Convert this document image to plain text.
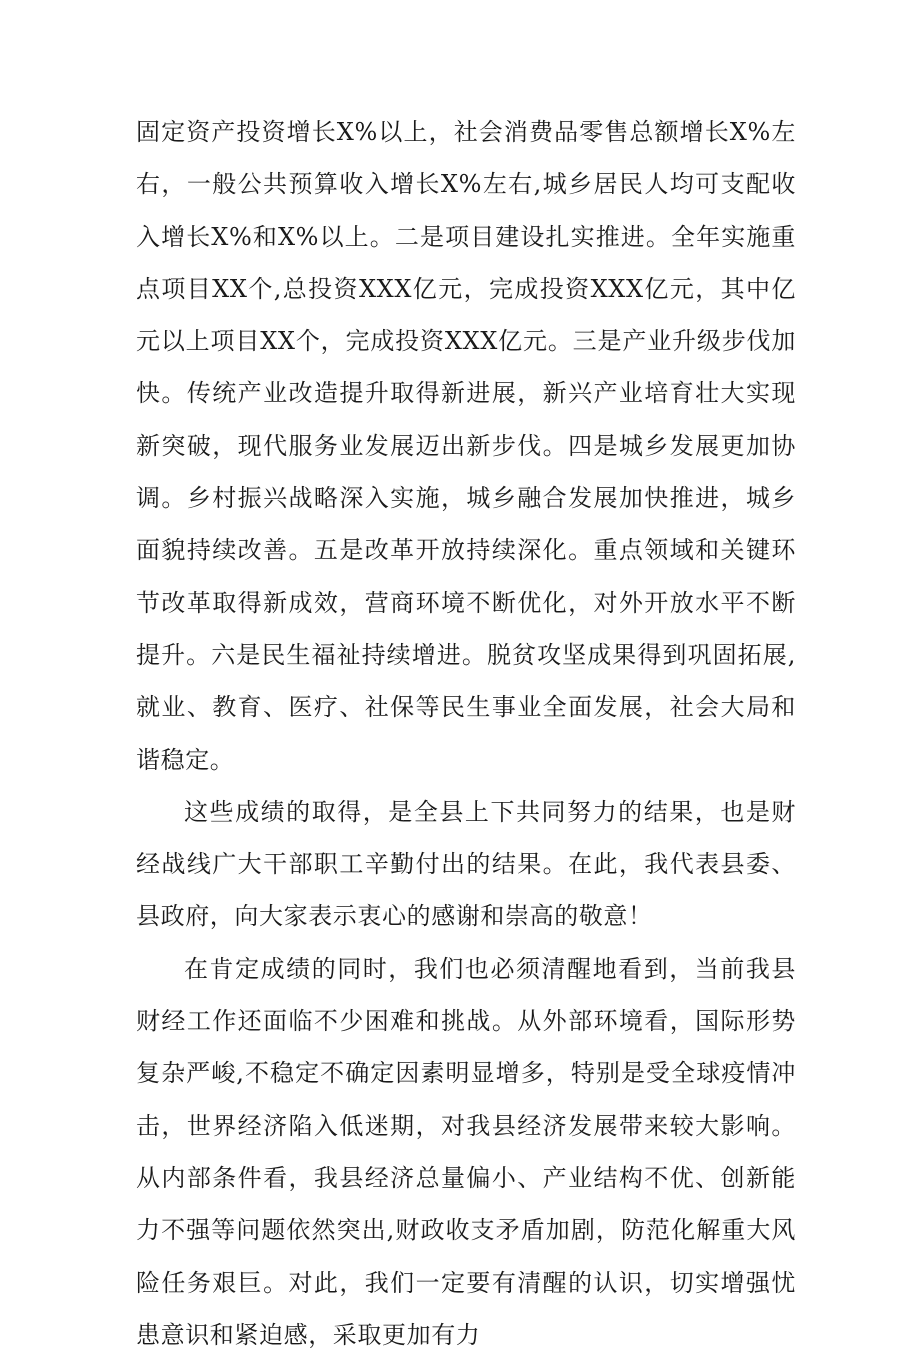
固定资产投资增长X%以上，社会消费品零售总额增长X%左右，一般公共预算收入增长X%左右,城乡居民人均可支配收入增长X%和X%以上。二是项目建设扎实推进。全年实施重点项目XX个,总投资XXX亿元，完成投资XXX亿元，其中亿元以上项目XX个，完成投资XXX亿元。三是产业升级步伐加快。传统产业改造提升取得新进展，新兴产业培育壮大实现新突破，现代服务业发展迈出新步伐。四是城乡发展更加协调。乡村振兴战略深入实施，城乡融合发展加快推进，城乡面貌持续改善。五是改革开放持续深化。重点领域和关键环节改革取得新成效，营商环境不断优化，对外开放水平不断提升。六是民生福祉持续增进。脱贫攻坚成果得到巩固拓展,就业、教育、医疗、社保等民生事业全面发展，社会大局和谐稳定。

这些成绩的取得，是全县上下共同努力的结果，也是财经战线广大干部职工辛勤付出的结果。在此，我代表县委、县政府，向大家表示衷心的感谢和崇高的敬意！

在肯定成绩的同时，我们也必须清醒地看到，当前我县财经工作还面临不少困难和挑战。从外部环境看，国际形势复杂严峻,不稳定不确定因素明显增多，特别是受全球疫情冲击，世界经济陷入低迷期，对我县经济发展带来较大影响。从内部条件看，我县经济总量偏小、产业结构不优、创新能力不强等问题依然突出,财政收支矛盾加剧，防范化解重大风险任务艰巨。对此，我们一定要有清醒的认识，切实增强忧患意识和紧迫感，采取更加有力
